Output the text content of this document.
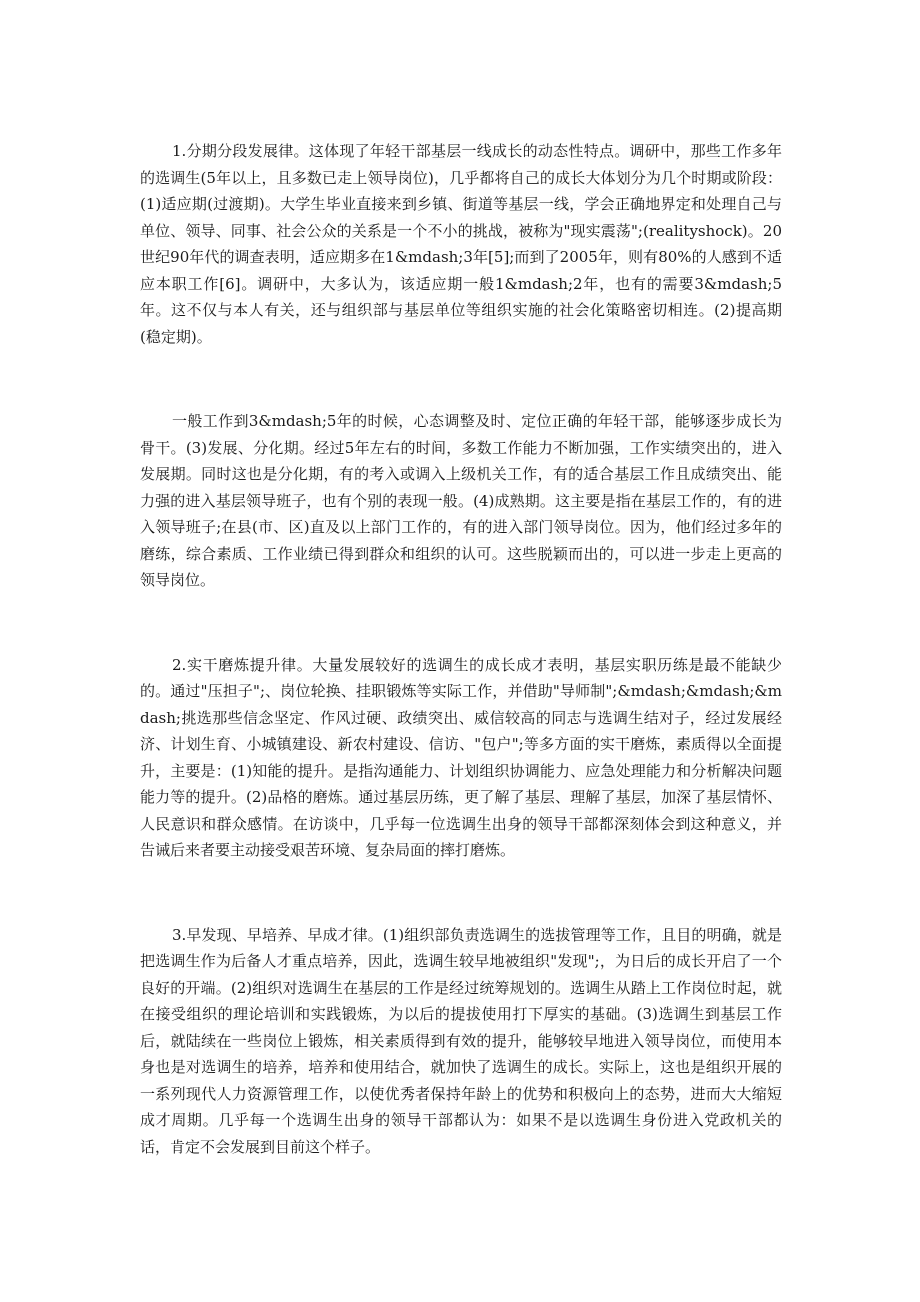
1.分期分段发展律。这体现了年轻干部基层一线成长的动态性特点。调研中，那些工作多年的选调生(5年以上，且多数已走上领导岗位)，几乎都将自己的成长大体划分为几个时期或阶段：(1)适应期(过渡期)。大学生毕业直接来到乡镇、街道等基层一线，学会正确地界定和处理自己与单位、领导、同事、社会公众的关系是一个不小的挑战，被称为"现实震荡";(realityshock)。20世纪90年代的调查表明，适应期多在1&mdash;3年[5];而到了2005年，则有80%的人感到不适应本职工作[6]。调研中，大多认为，该适应期一般1&mdash;2年，也有的需要3&mdash;5年。这不仅与本人有关，还与组织部与基层单位等组织实施的社会化策略密切相连。(2)提高期(稳定期)。

一般工作到3&mdash;5年的时候，心态调整及时、定位正确的年轻干部，能够逐步成长为骨干。(3)发展、分化期。经过5年左右的时间，多数工作能力不断加强，工作实绩突出的，进入发展期。同时这也是分化期，有的考入或调入上级机关工作，有的适合基层工作且成绩突出、能力强的进入基层领导班子，也有个别的表现一般。(4)成熟期。这主要是指在基层工作的，有的进入领导班子;在县(市、区)直及以上部门工作的，有的进入部门领导岗位。因为，他们经过多年的磨练，综合素质、工作业绩已得到群众和组织的认可。这些脱颖而出的，可以进一步走上更高的领导岗位。

2.实干磨炼提升律。大量发展较好的选调生的成长成才表明，基层实职历练是最不能缺少的。通过"压担子";、岗位轮换、挂职锻炼等实际工作，并借助"导师制";&mdash;&mdash;&mdash;挑选那些信念坚定、作风过硬、政绩突出、威信较高的同志与选调生结对子，经过发展经济、计划生育、小城镇建设、新农村建设、信访、"包户";等多方面的实干磨炼，素质得以全面提升，主要是：(1)知能的提升。是指沟通能力、计划组织协调能力、应急处理能力和分析解决问题能力等的提升。(2)品格的磨炼。通过基层历练，更了解了基层、理解了基层，加深了基层情怀、人民意识和群众感情。在访谈中，几乎每一位选调生出身的领导干部都深刻体会到这种意义，并告诫后来者要主动接受艰苦环境、复杂局面的摔打磨炼。

3.早发现、早培养、早成才律。(1)组织部负责选调生的选拔管理等工作，且目的明确，就是把选调生作为后备人才重点培养，因此，选调生较早地被组织"发现";，为日后的成长开启了一个良好的开端。(2)组织对选调生在基层的工作是经过统筹规划的。选调生从踏上工作岗位时起，就在接受组织的理论培训和实践锻炼，为以后的提拔使用打下厚实的基础。(3)选调生到基层工作后，就陆续在一些岗位上锻炼，相关素质得到有效的提升，能够较早地进入领导岗位，而使用本身也是对选调生的培养，培养和使用结合，就加快了选调生的成长。实际上，这也是组织开展的一系列现代人力资源管理工作，以使优秀者保持年龄上的优势和积极向上的态势，进而大大缩短成才周期。几乎每一个选调生出身的领导干部都认为：如果不是以选调生身份进入党政机关的话，肯定不会发展到目前这个样子。
